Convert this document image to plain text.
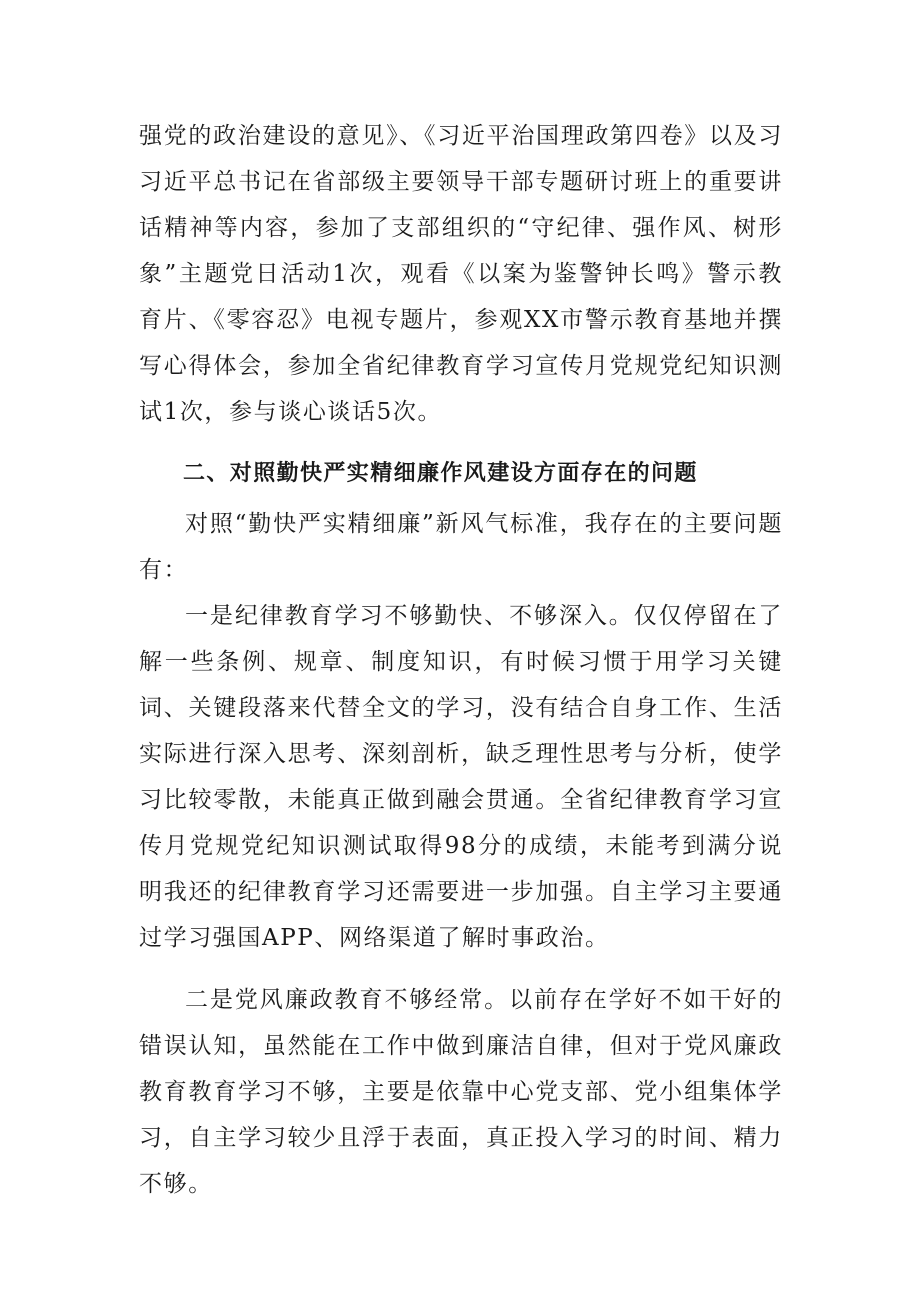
强党的政治建设的意见》、《习近平治国理政第四卷》以及习习近平总书记在省部级主要领导干部专题研讨班上的重要讲话精神等内容，参加了支部组织的“守纪律、强作风、树形象”主题党日活动1次，观看《以案为鉴警钟长鸣》警示教育片、《零容忍》电视专题片，参观XX市警示教育基地并撰写心得体会，参加全省纪律教育学习宣传月党规党纪知识测试1次，参与谈心谈话5次。

二、对照勤快严实精细廉作风建设方面存在的问题

对照“勤快严实精细廉”新风气标准，我存在的主要问题有：

一是纪律教育学习不够勤快、不够深入。仅仅停留在了解一些条例、规章、制度知识，有时候习惯于用学习关键词、关键段落来代替全文的学习，没有结合自身工作、生活实际进行深入思考、深刻剖析，缺乏理性思考与分析，使学习比较零散，未能真正做到融会贯通。全省纪律教育学习宣传月党规党纪知识测试取得98分的成绩，未能考到满分说明我还的纪律教育学习还需要进一步加强。自主学习主要通过学习强国APP、网络渠道了解时事政治。

二是党风廉政教育不够经常。以前存在学好不如干好的错误认知，虽然能在工作中做到廉洁自律，但对于党风廉政教育教育学习不够，主要是依靠中心党支部、党小组集体学习，自主学习较少且浮于表面，真正投入学习的时间、精力不够。
